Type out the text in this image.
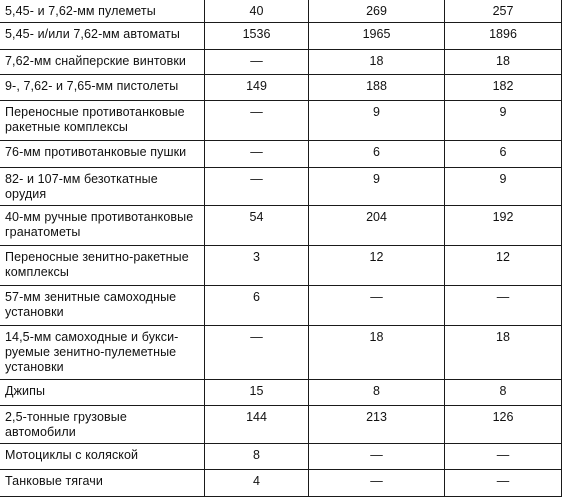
5,45- и 7,62-мм пулеметы	40	269	257
5,45- и/или 7,62-мм автоматы	1536	1965	1896
7,62-мм снайперские винтовки	—	18	18
9-, 7,62- и 7,65-мм пистолеты	149	188	182
Переносные противотанковые
ракетные комплексы	—	9	9
76-мм противотанковые пушки	—	6	6
82- и 107-мм безоткатные орудия	—	9	9
40-мм ручные противотанковые
гранатометы	54	204	192
Переносные зенитно-ракетные
комплексы	3	12	12
57-мм зенитные самоходные
установки	6	—	—
14,5-мм самоходные и букси-
руемые зенитно-пулеметные
установки	—	18	18
Джипы	15	8	8
2,5-тонные грузовые автомобили	144	213	126
Мотоциклы с коляской	8	—	—
Танковые тягачи	4	—	—
